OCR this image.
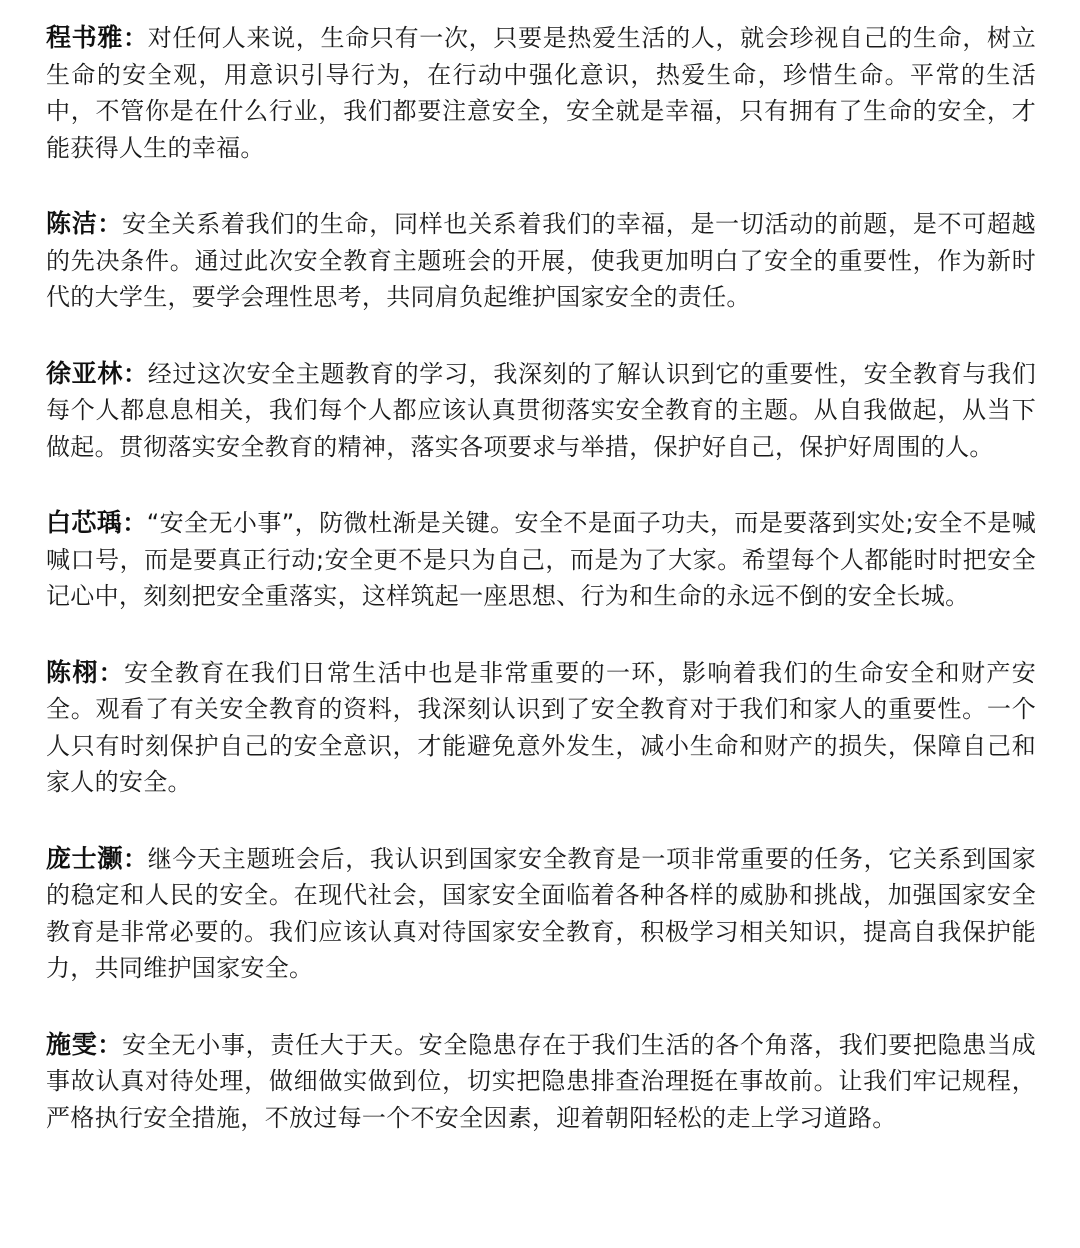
程书雅：对任何人来说，生命只有一次，只要是热爱生活的人，就会珍视自己的生命，树立生命的安全观，用意识引导行为，在行动中强化意识，热爱生命，珍惜生命。平常的生活中，不管你是在什么行业，我们都要注意安全，安全就是幸福，只有拥有了生命的安全，才能获得人生的幸福。

陈洁：安全关系着我们的生命，同样也关系着我们的幸福，是一切活动的前题，是不可超越的先决条件。通过此次安全教育主题班会的开展，使我更加明白了安全的重要性，作为新时代的大学生，要学会理性思考，共同肩负起维护国家安全的责任。

徐亚林：经过这次安全主题教育的学习，我深刻的了解认识到它的重要性，安全教育与我们每个人都息息相关，我们每个人都应该认真贯彻落实安全教育的主题。从自我做起，从当下做起。贯彻落实安全教育的精神，落实各项要求与举措，保护好自己，保护好周围的人。

白芯瑀：“安全无小事”，防微杜渐是关键。安全不是面子功夫，而是要落到实处;安全不是喊喊口号，而是要真正行动;安全更不是只为自己，而是为了大家。希望每个人都能时时把安全记心中，刻刻把安全重落实，这样筑起一座思想、行为和生命的永远不倒的安全长城。

陈栩：安全教育在我们日常生活中也是非常重要的一环，影响着我们的生命安全和财产安全。观看了有关安全教育的资料，我深刻认识到了安全教育对于我们和家人的重要性。一个人只有时刻保护自己的安全意识，才能避免意外发生，减小生命和财产的损失，保障自己和家人的安全。

庞士灏：继今天主题班会后，我认识到国家安全教育是一项非常重要的任务，它关系到国家的稳定和人民的安全。在现代社会，国家安全面临着各种各样的威胁和挑战，加强国家安全教育是非常必要的。我们应该认真对待国家安全教育，积极学习相关知识，提高自我保护能力，共同维护国家安全。

施雯：安全无小事，责任大于天。安全隐患存在于我们生活的各个角落，我们要把隐患当成事故认真对待处理，做细做实做到位，切实把隐患排查治理挺在事故前。让我们牢记规程，严格执行安全措施，不放过每一个不安全因素，迎着朝阳轻松的走上学习道路。
